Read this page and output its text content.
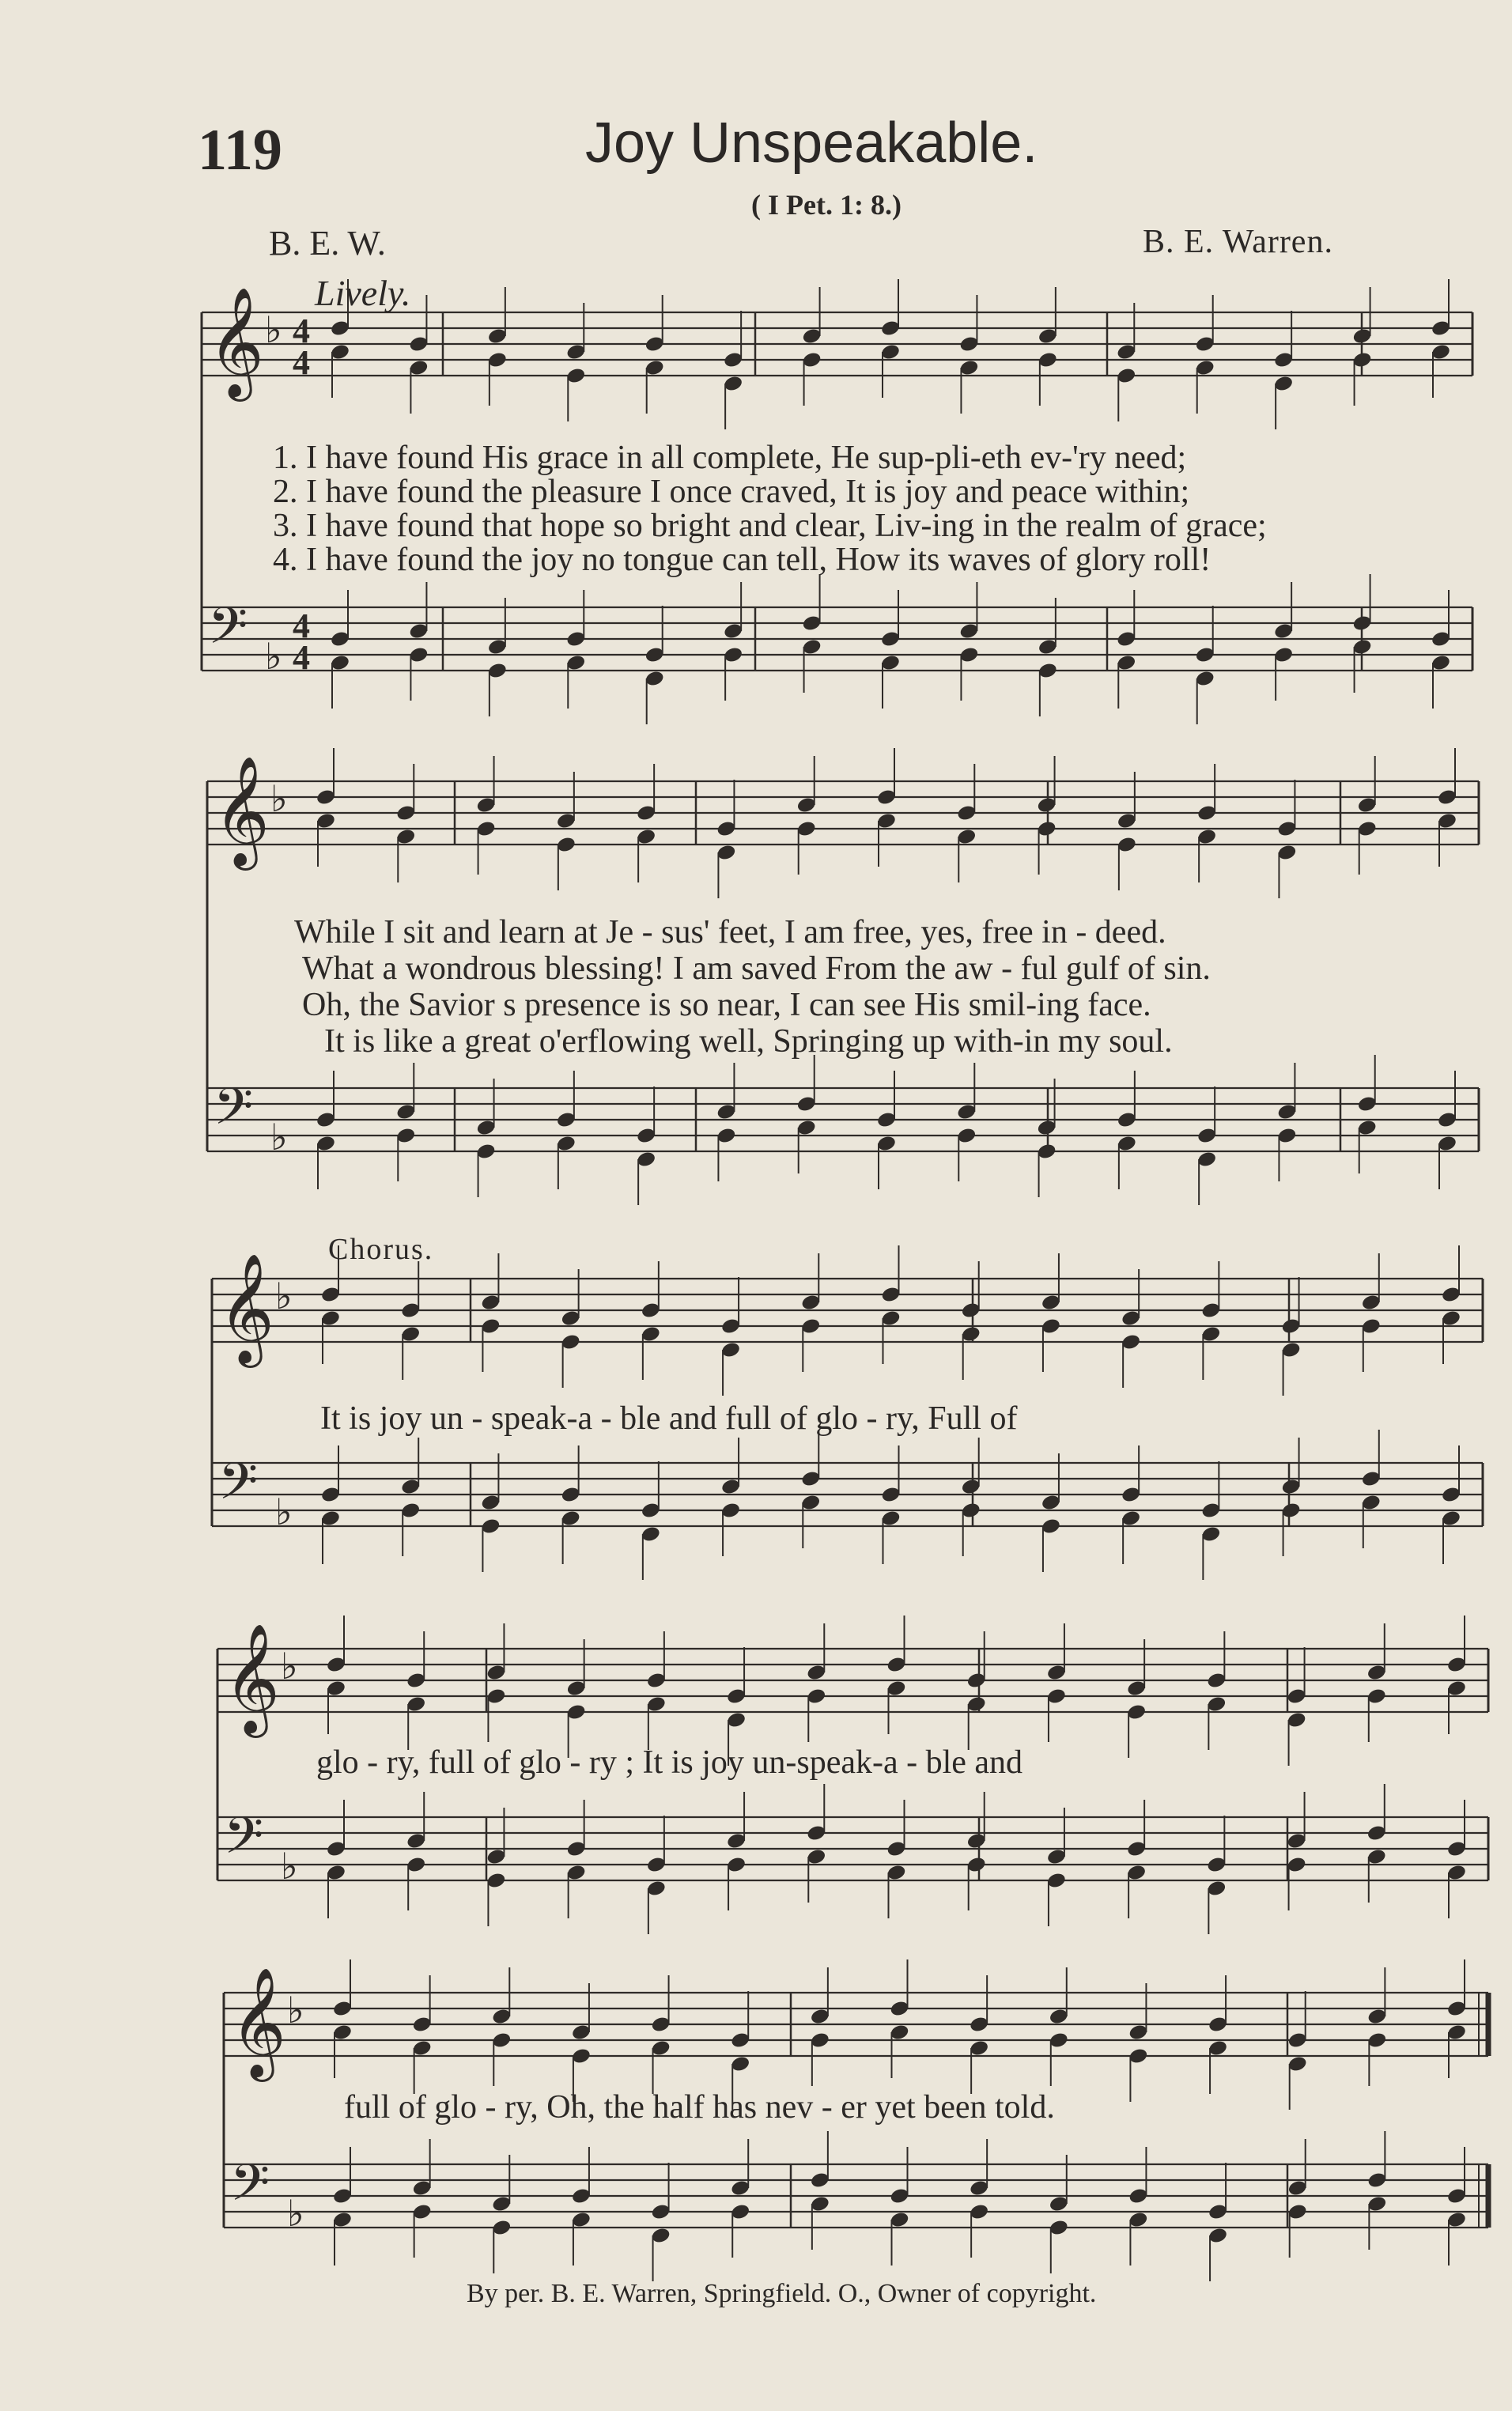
119	Joy Unspeakable.
( I Pet. 1: 8.)
B. E. W.	B. E. Warren.
Lively.
Chorus.
𝄞 ♭ 4
4
𝄢 ♭
4
4
𝄞 ♭
𝄢 ♭
𝄞 ♭
𝄢 ♭
𝄞 ♭
𝄢 ♭
𝄞 ♭
𝄢 ♭
1. I have found His grace in all complete, He sup-pli-eth ev-'ry need;
2. I have found the pleasure I once craved, It is joy and peace within;
3. I have found that hope so bright and clear, Liv-ing in the realm of grace;
4. I have found the joy no tongue can tell, How its waves of glory roll!
While I sit and learn at Je - sus' feet, I am free, yes, free in - deed.
What a wondrous blessing! I am saved From the aw - ful gulf of sin.
Oh, the Savior s presence is so near, I can see His smil-ing face.
It is like a great o'erflowing well, Springing up with-in my soul.
It is joy un - speak-a - ble and full of glo - ry, Full of
glo - ry, full of glo - ry ; It is joy un-speak-a - ble and
full of glo - ry, Oh, the half has nev - er yet been told.
By per. B. E. Warren, Springfield. O., Owner of copyright.
